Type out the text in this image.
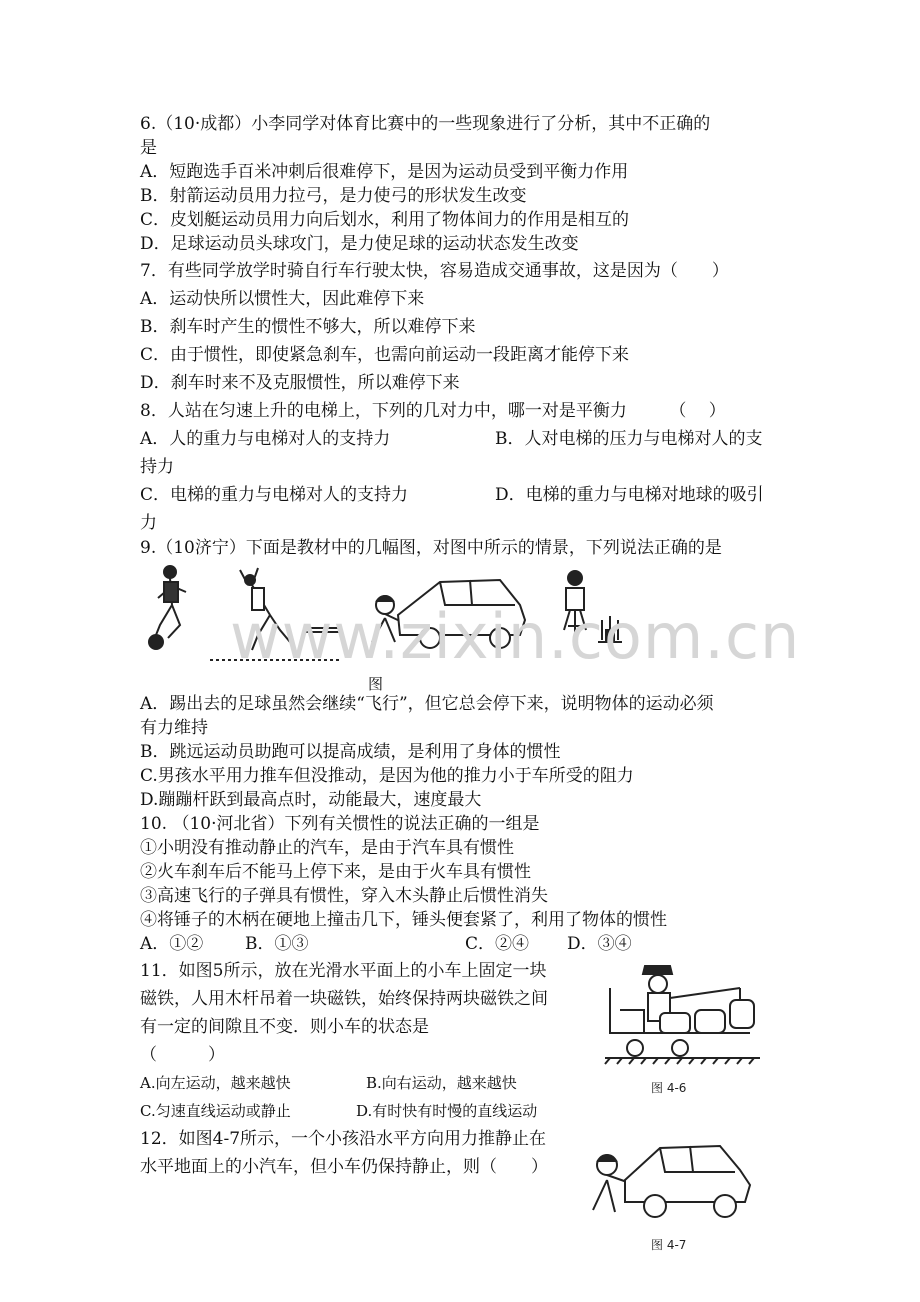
6.（10·成都）小李同学对体育比赛中的一些现象进行了分析，其中不正确的
是
A．短跑选手百米冲刺后很难停下，是因为运动员受到平衡力作用
B．射箭运动员用力拉弓，是力使弓的形状发生改变
C．皮划艇运动员用力向后划水，利用了物体间力的作用是相互的
D．足球运动员头球攻门，是力使足球的运动状态发生改变
7．有些同学放学时骑自行车行驶太快，容易造成交通事故，这是因为（　　）
A．运动快所以惯性大，因此难停下来
B．刹车时产生的惯性不够大，所以难停下来
C．由于惯性，即使紧急刹车，也需向前运动一段距离才能停下来
D．刹车时来不及克服惯性，所以难停下来
8．人站在匀速上升的电梯上，下列的几对力中，哪一对是平衡力　　　（　 ）
A．人的重力与电梯对人的支持力	B．人对电梯的压力与电梯对人的支
持力
C．电梯的重力与电梯对人的支持力	D．电梯的重力与电梯对地球的吸引
力
9.（10济宁）下面是教材中的几幅图，对图中所示的情景，下列说法正确的是
图
A．踢出去的足球虽然会继续“飞行”，但它总会停下来，说明物体的运动必须
有力维持
B．跳远运动员助跑可以提高成绩，是利用了身体的惯性
C.男孩水平用力推车但没推动，是因为他的推力小于车所受的阻力
D.蹦蹦杆跃到最高点时，动能最大，速度最大
10. （10·河北省）下列有关惯性的说法正确的一组是
①小明没有推动静止的汽车，是由于汽车具有惯性
②火车刹车后不能马上停下来，是由于火车具有惯性
③高速飞行的子弹具有惯性，穿入木头静止后惯性消失
④将锤子的木柄在硬地上撞击几下，锤头便套紧了，利用了物体的惯性
A．①② B．①③	C．②④ D．③④
11．如图5所示，放在光滑水平面上的小车上固定一块
磁铁，人用木杆吊着一块磁铁，始终保持两块磁铁之间
有一定的间隙且不变．则小车的状态是
（　　　）
A.向左运动，越来越快	B.向右运动，越来越快
C.匀速直线运动或静止	D.有时快有时慢的直线运动
图 4-6
12．如图4-7所示，一个小孩沿水平方向用力推静止在
水平地面上的小汽车，但小车仍保持静止，则（　　）
图 4-7
www.zixin.com.cn
